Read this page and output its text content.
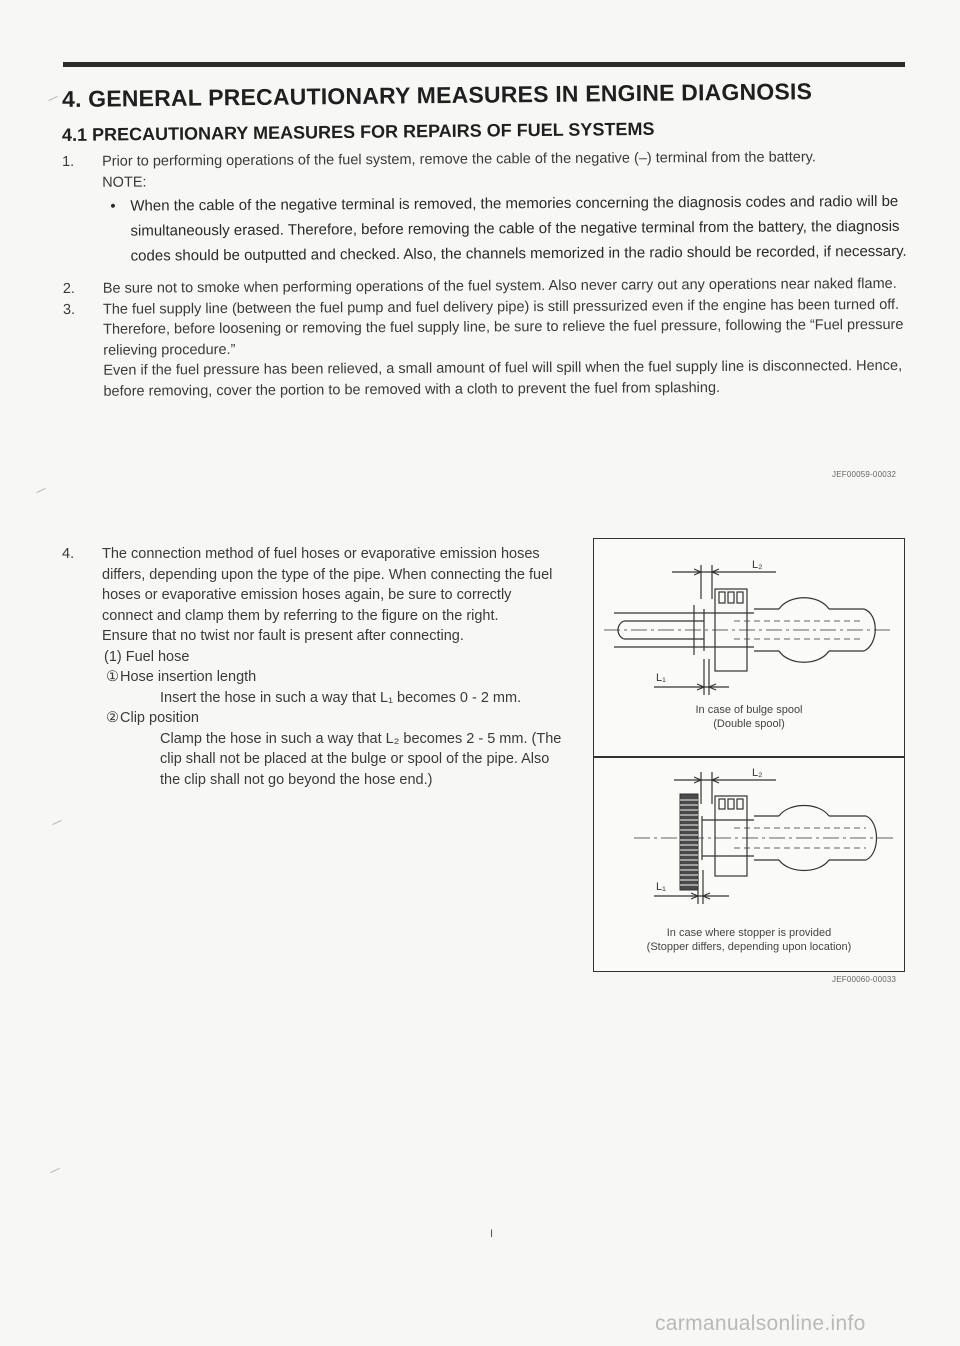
4. GENERAL PRECAUTIONARY MEASURES IN ENGINE DIAGNOSIS
4.1 PRECAUTIONARY MEASURES FOR REPAIRS OF FUEL SYSTEMS
1.	Prior to performing operations of the fuel system, remove the cable of the negative (–) terminal from the battery.
NOTE:
• When the cable of the negative terminal is removed, the memories concerning the diagnosis codes and radio will be simultaneously erased. Therefore, before removing the cable of the negative terminal from the battery, the diagnosis codes should be outputted and checked. Also, the channels memorized in the radio should be recorded, if necessary.
2.	Be sure not to smoke when performing operations of the fuel system. Also never carry out any operations near naked flame.
3.	The fuel supply line (between the fuel pump and fuel delivery pipe) is still pressurized even if the engine has been turned off. Therefore, before loosening or removing the fuel supply line, be sure to relieve the fuel pressure, following the “Fuel pressure relieving procedure.”
Even if the fuel pressure has been relieved, a small amount of fuel will spill when the fuel supply line is disconnected. Hence, before removing, cover the portion to be removed with a cloth to prevent the fuel from splashing.
JEF00059-00032
4.	The connection method of fuel hoses or evaporative emission hoses differs, depending upon the type of the pipe. When connecting the fuel hoses or evaporative emission hoses again, be sure to correctly connect and clamp them by referring to the figure on the right.
Ensure that no twist nor fault is present after connecting.
(1) Fuel hose
① Hose insertion length
Insert the hose in such a way that L₁ becomes 0 - 2 mm.
② Clip position
Clamp the hose in such a way that L₂ becomes 2 - 5 mm. (The clip shall not be placed at the bulge or spool of the pipe. Also the clip shall not go beyond the hose end.)
L₂
L₁
In case of bulge spool
(Double spool)
L₂
L₁
In case where stopper is provided
(Stopper differs, depending upon location)
JEF00060-00033
I
carmanualsonline.info
